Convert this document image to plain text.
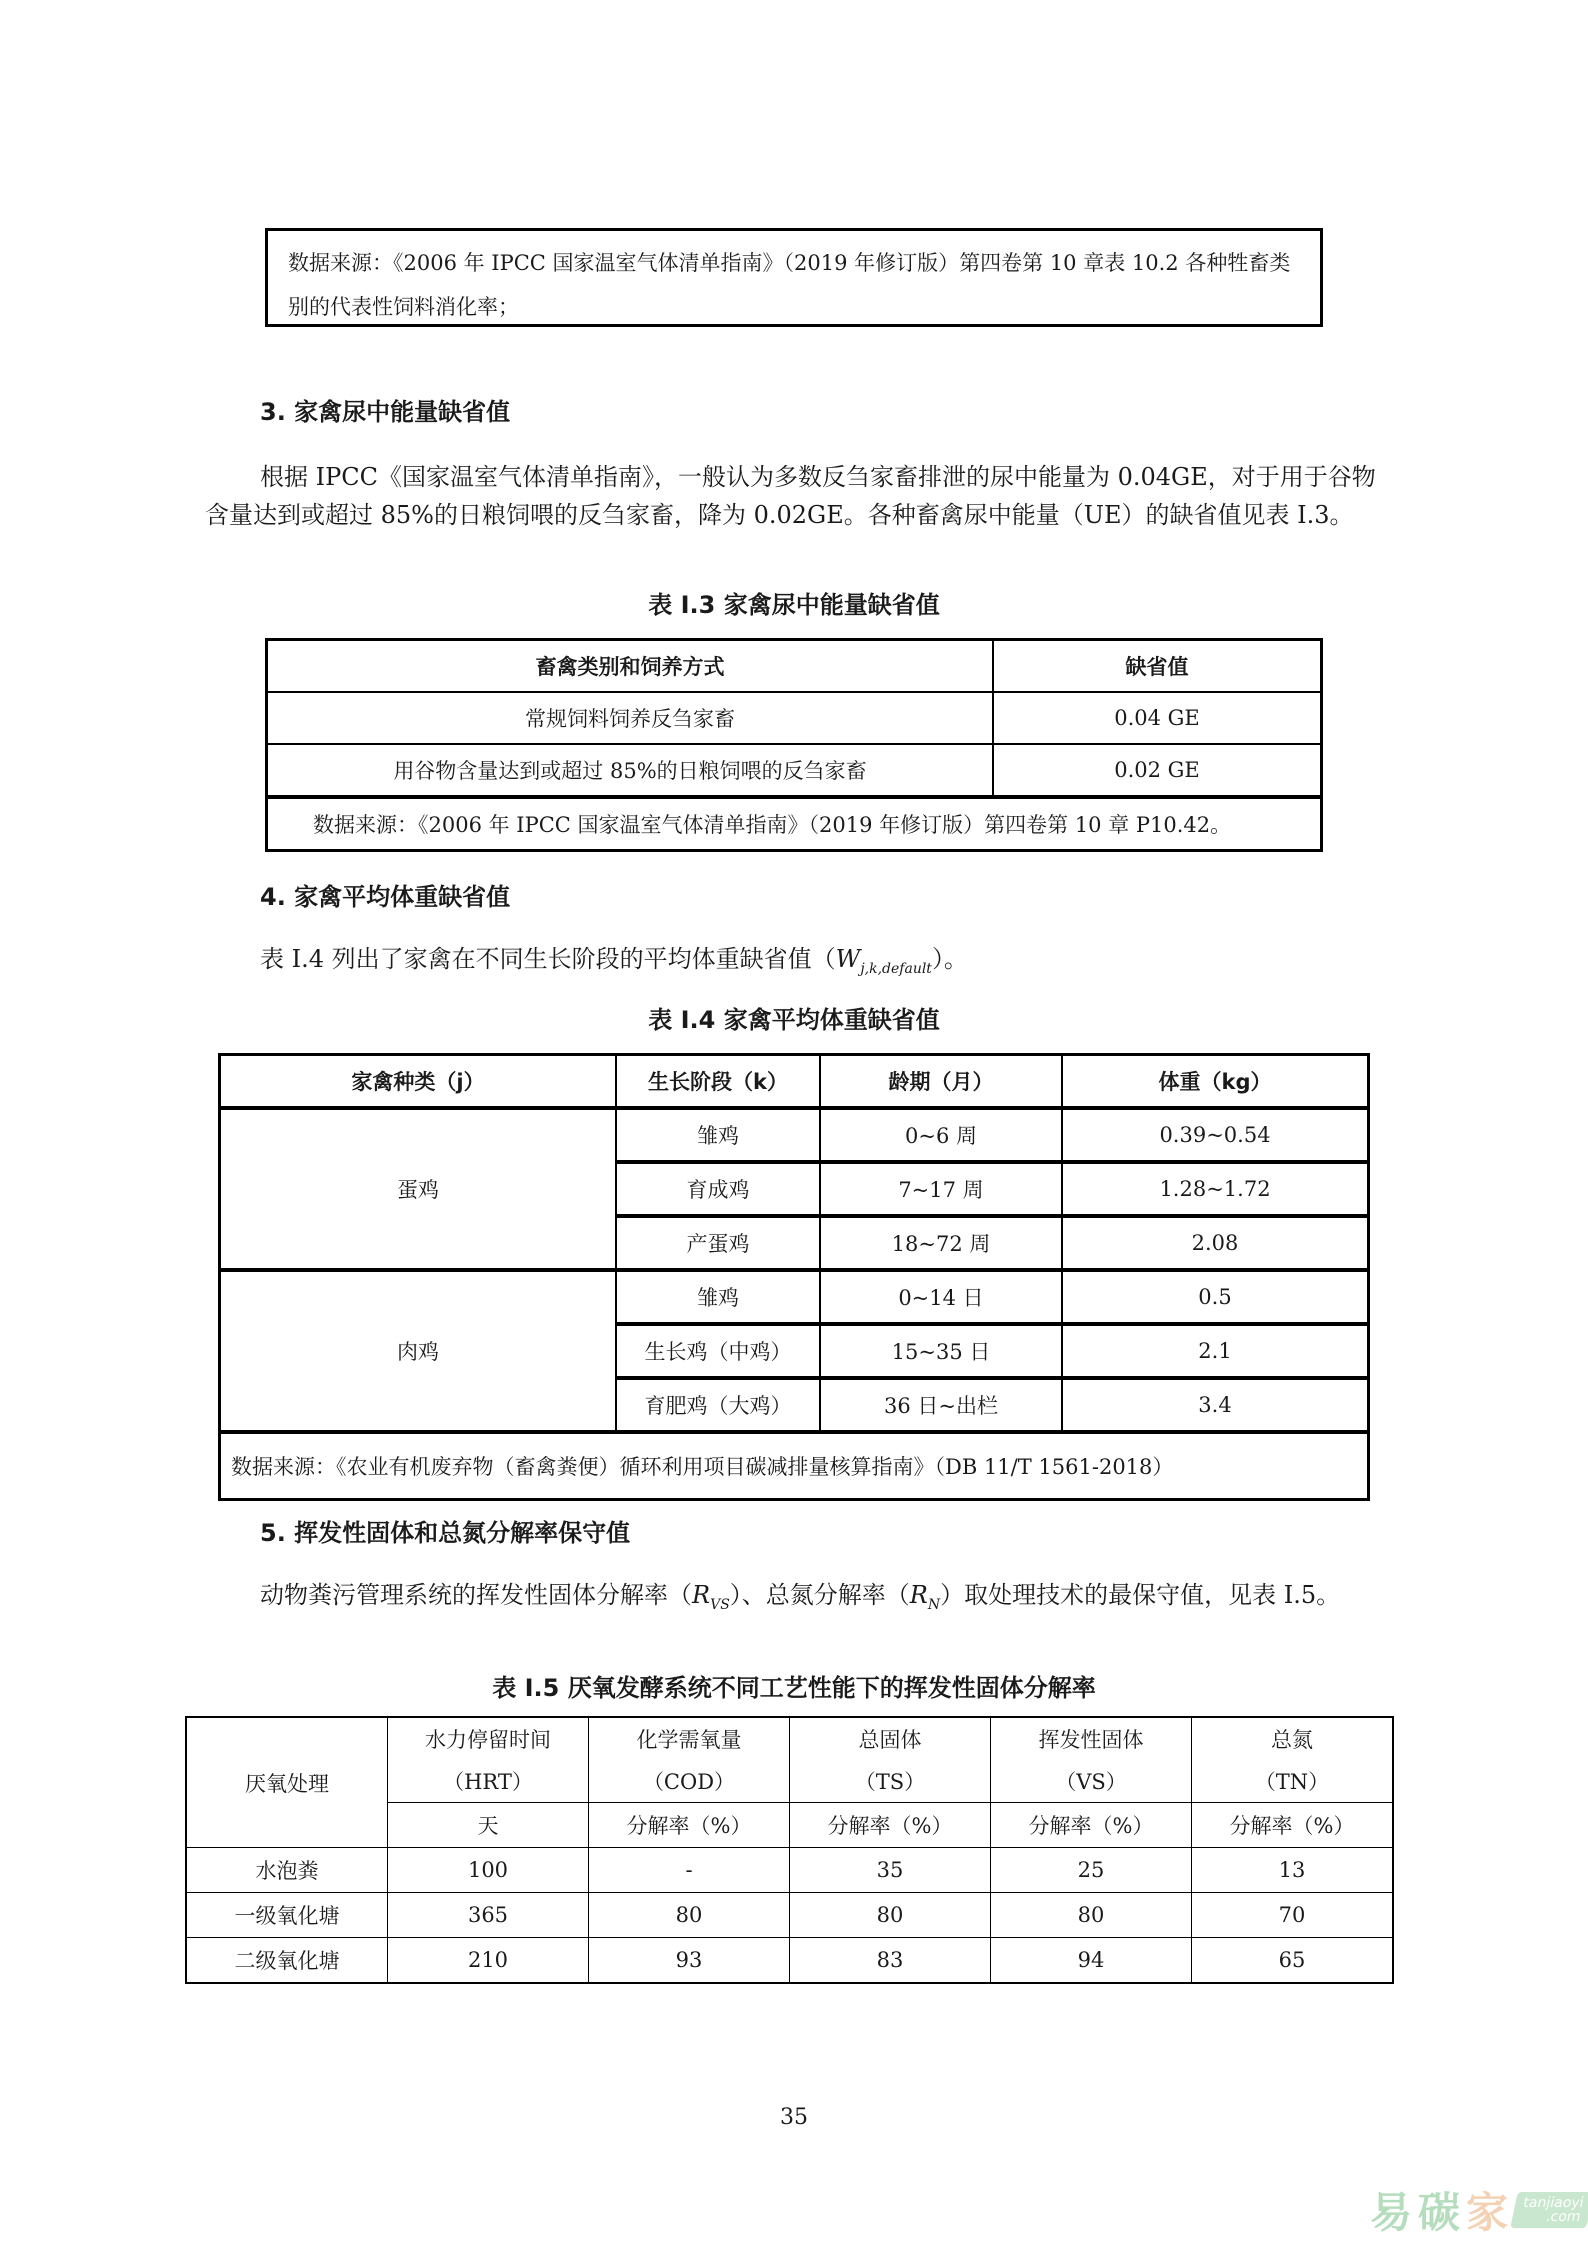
数据来源：《2006 年 IPCC 国家温室气体清单指南》（2019 年修订版）第四卷第 10 章表 10.2 各种牲畜类别的代表性饲料消化率；
3. 家禽尿中能量缺省值
根据 IPCC《国家温室气体清单指南》，一般认为多数反刍家畜排泄的尿中能量为 0.04GE，对于用于谷物含量达到或超过 85%的日粮饲喂的反刍家畜，降为 0.02GE。各种畜禽尿中能量（UE）的缺省值见表 I.3。
表 I.3 家禽尿中能量缺省值
畜禽类别和饲养方式	缺省值
常规饲料饲养反刍家畜	0.04 GE
用谷物含量达到或超过 85%的日粮饲喂的反刍家畜	0.02 GE
数据来源：《2006 年 IPCC 国家温室气体清单指南》（2019 年修订版）第四卷第 10 章 P10.42。	
4. 家禽平均体重缺省值
表 I.4 列出了家禽在不同生长阶段的平均体重缺省值$(W_{j,k,default})$。
表 I.4 家禽平均体重缺省值
家禽种类（j）	生长阶段（k）	龄期（月）	体重（kg）
蛋鸡	雏鸡	0~6 周	0.39~0.54
	育成鸡	7~17 周	1.28~1.72
	产蛋鸡	18~72 周	2.08
肉鸡	雏鸡	0~14 日	0.5
	生长鸡（中鸡）	15~35 日	2.1
	育肥鸡（大鸡）	36 日~出栏	3.4
数据来源：《农业有机废弃物（畜禽粪便）循环利用项目碳减排量核算指南》（DB 11/T 1561-2018）			
5. 挥发性固体和总氮分解率保守值
动物粪污管理系统的挥发性固体分解率$(R_{VS})$、总氮分解率$(R_N)$取处理技术的最保守值，见表 I.5。
表 I.5 厌氧发酵系统不同工艺性能下的挥发性固体分解率
厌氧处理	水力停留时间	化学需氧量	总固体	挥发性固体	总氮
	（HRT）	（COD）	（TS）	（VS）	（TN）
	天	分解率（%）	分解率（%）	分解率（%）	分解率（%）
水泡粪	100	-	35	25	13
一级氧化塘	365	80	80	80	70
二级氧化塘	210	93	83	94	65
35
易 碳 家 tanjiaoyi
.com
